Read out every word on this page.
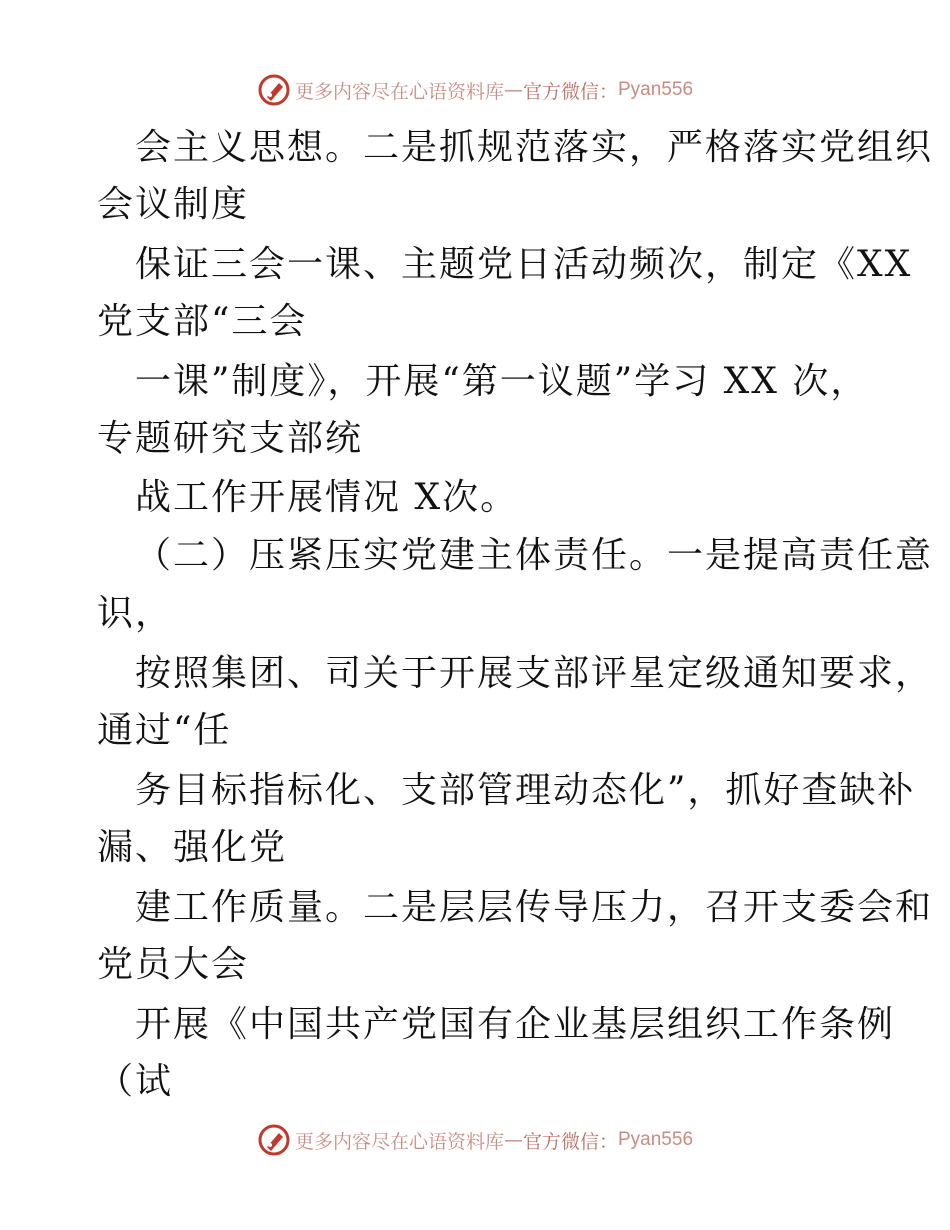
更多内容尽在心语资料库 — 官方微信： Pyan556
会主义思想。二是抓规范落实，严格落实党组织
会议制度
保证三会一课、主题党日活动频次，制定《XX
党支部“三会
一课”制度》，开展“第一议题”学习 XX 次，
专题研究支部统
战工作开展情况 X次。
（二）压紧压实党建主体责任。一是提高责任意
识，
按照集团、司关于开展支部评星定级通知要求，
通过“任
务目标指标化、支部管理动态化”，抓好查缺补
漏、强化党
建工作质量。二是层层传导压力，召开支委会和
党员大会
开展《中国共产党国有企业基层组织工作条例
（试
更多内容尽在心语资料库 — 官方微信： Pyan556
